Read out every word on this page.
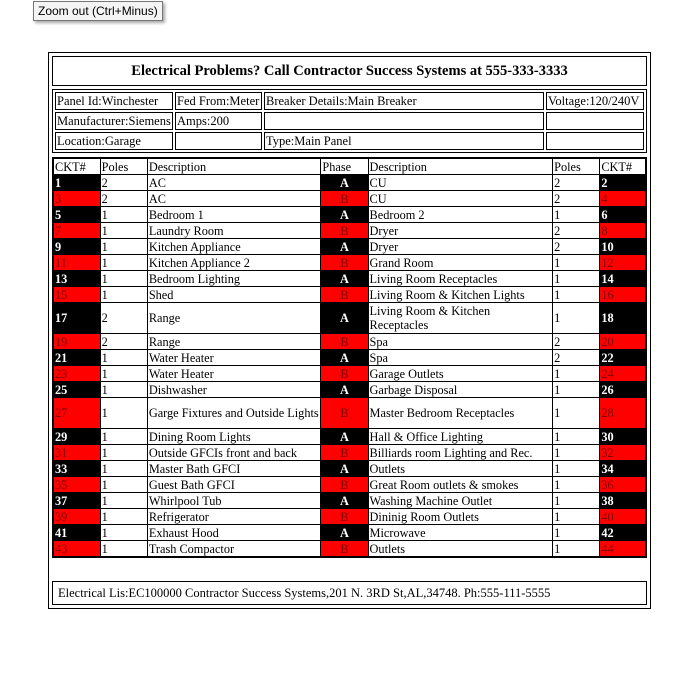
Zoom out (Ctrl+Minus)
Electrical Problems? Call Contractor Success Systems at 555-333-3333
Panel Id:Winchester	Fed From:Meter	Breaker Details:Main Breaker	Voltage:120/240V
Manufacturer:Siemens	Amps:200		
Location:Garage		Type:Main Panel	
CKT#	Poles	Description	Phase	Description	Poles	CKT#
1	2	AC	A	CU	2	2
3	2	AC	B	CU	2	4
5	1	Bedroom 1	A	Bedroom 2	1	6
7	1	Laundry Room	B	Dryer	2	8
9	1	Kitchen Appliance	A	Dryer	2	10
11	1	Kitchen Appliance 2	B	Grand Room	1	12
13	1	Bedroom Lighting	A	Living Room Receptacles	1	14
15	1	Shed	B	Living Room & Kitchen Lights	1	16
17	2	Range	A	Living Room & Kitchen Receptacles	1	18
19	2	Range	B	Spa	2	20
21	1	Water Heater	A	Spa	2	22
23	1	Water Heater	B	Garage Outlets	1	24
25	1	Dishwasher	A	Garbage Disposal	1	26
27	1	Garge Fixtures and Outside Lights	B	Master Bedroom Receptacles	1	28
29	1	Dining Room Lights	A	Hall & Office Lighting	1	30
31	1	Outside GFCIs front and back	B	Billiards room Lighting and Rec.	1	32
33	1	Master Bath GFCI	A	Outlets	1	34
35	1	Guest Bath GFCI	B	Great Room outlets & smokes	1	36
37	1	Whirlpool Tub	A	Washing Machine Outlet	1	38
39	1	Refrigerator	B	Dininig Room Outlets	1	40
41	1	Exhaust Hood	A	Microwave	1	42
43	1	Trash Compactor	B	Outlets	1	44
Electrical Lis:EC100000 Contractor Success Systems,201 N. 3RD St,AL,34748. Ph:555-111-5555
